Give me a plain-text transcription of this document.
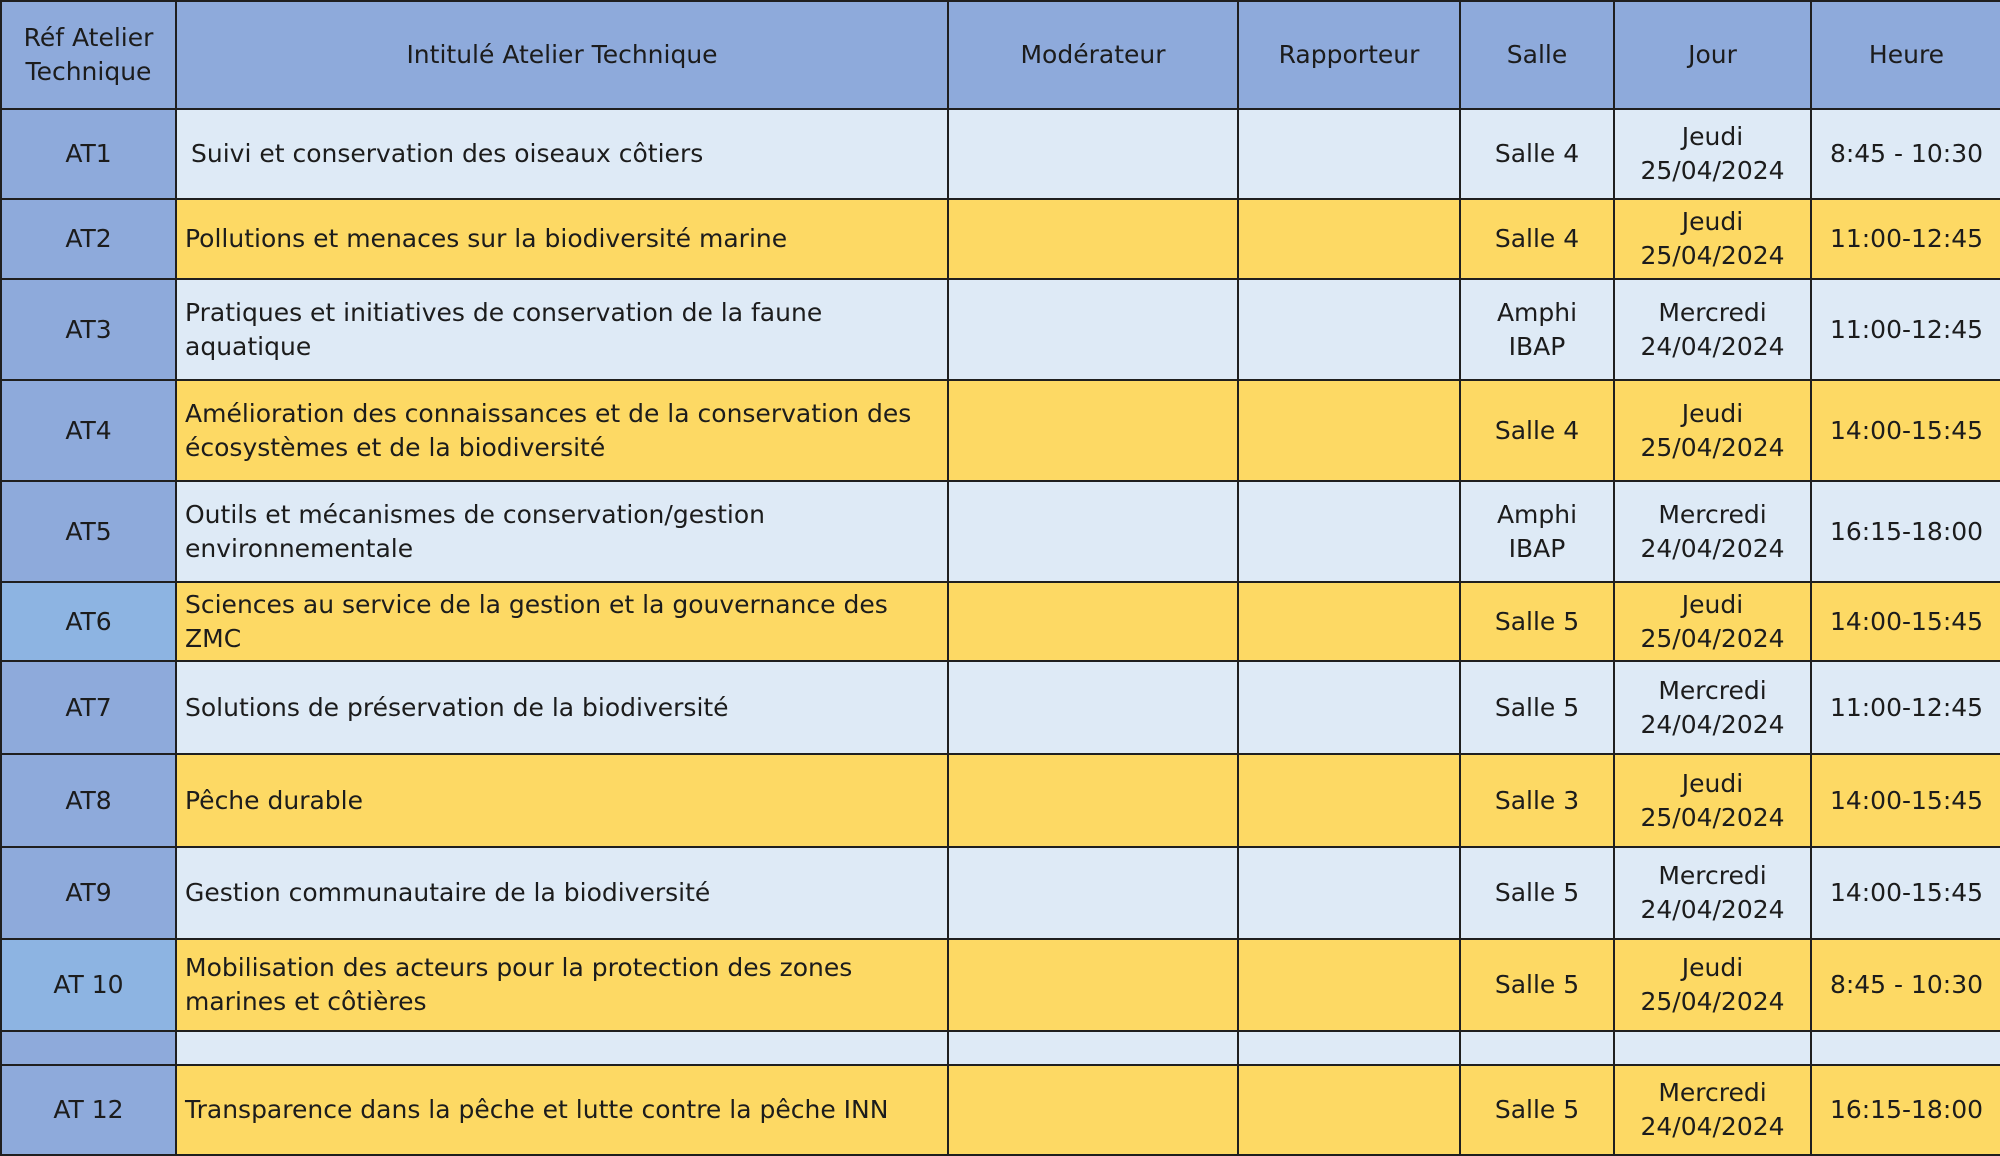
Réf Atelier Technique	Intitulé Atelier Technique	Modérateur	Rapporteur	Salle	Jour	Heure
AT1	Suivi et conservation des oiseaux côtiers			Salle 4	Jeudi 25/04/2024	8:45 - 10:30
AT2	Pollutions et menaces sur la biodiversité marine			Salle 4	Jeudi 25/04/2024	11:00-12:45
AT3	Pratiques et initiatives de conservation de la faune aquatique			Amphi IBAP	Mercredi 24/04/2024	11:00-12:45
AT4	Amélioration des connaissances et de la conservation des écosystèmes et de la biodiversité			Salle 4	Jeudi 25/04/2024	14:00-15:45
AT5	Outils et mécanismes de conservation/gestion environnementale			Amphi IBAP	Mercredi 24/04/2024	16:15-18:00
AT6	Sciences au service de la gestion et la gouvernance des ZMC			Salle 5	Jeudi 25/04/2024	14:00-15:45
AT7	Solutions de préservation de la biodiversité			Salle 5	Mercredi 24/04/2024	11:00-12:45
AT8	Pêche durable			Salle 3	Jeudi 25/04/2024	14:00-15:45
AT9	Gestion communautaire de la biodiversité			Salle 5	Mercredi 24/04/2024	14:00-15:45
AT 10	Mobilisation des acteurs pour la protection des zones marines et côtières			Salle 5	Jeudi 25/04/2024	8:45 - 10:30

AT 12	Transparence dans la pêche et lutte contre la pêche INN			Salle 5	Mercredi 24/04/2024	16:15-18:00
